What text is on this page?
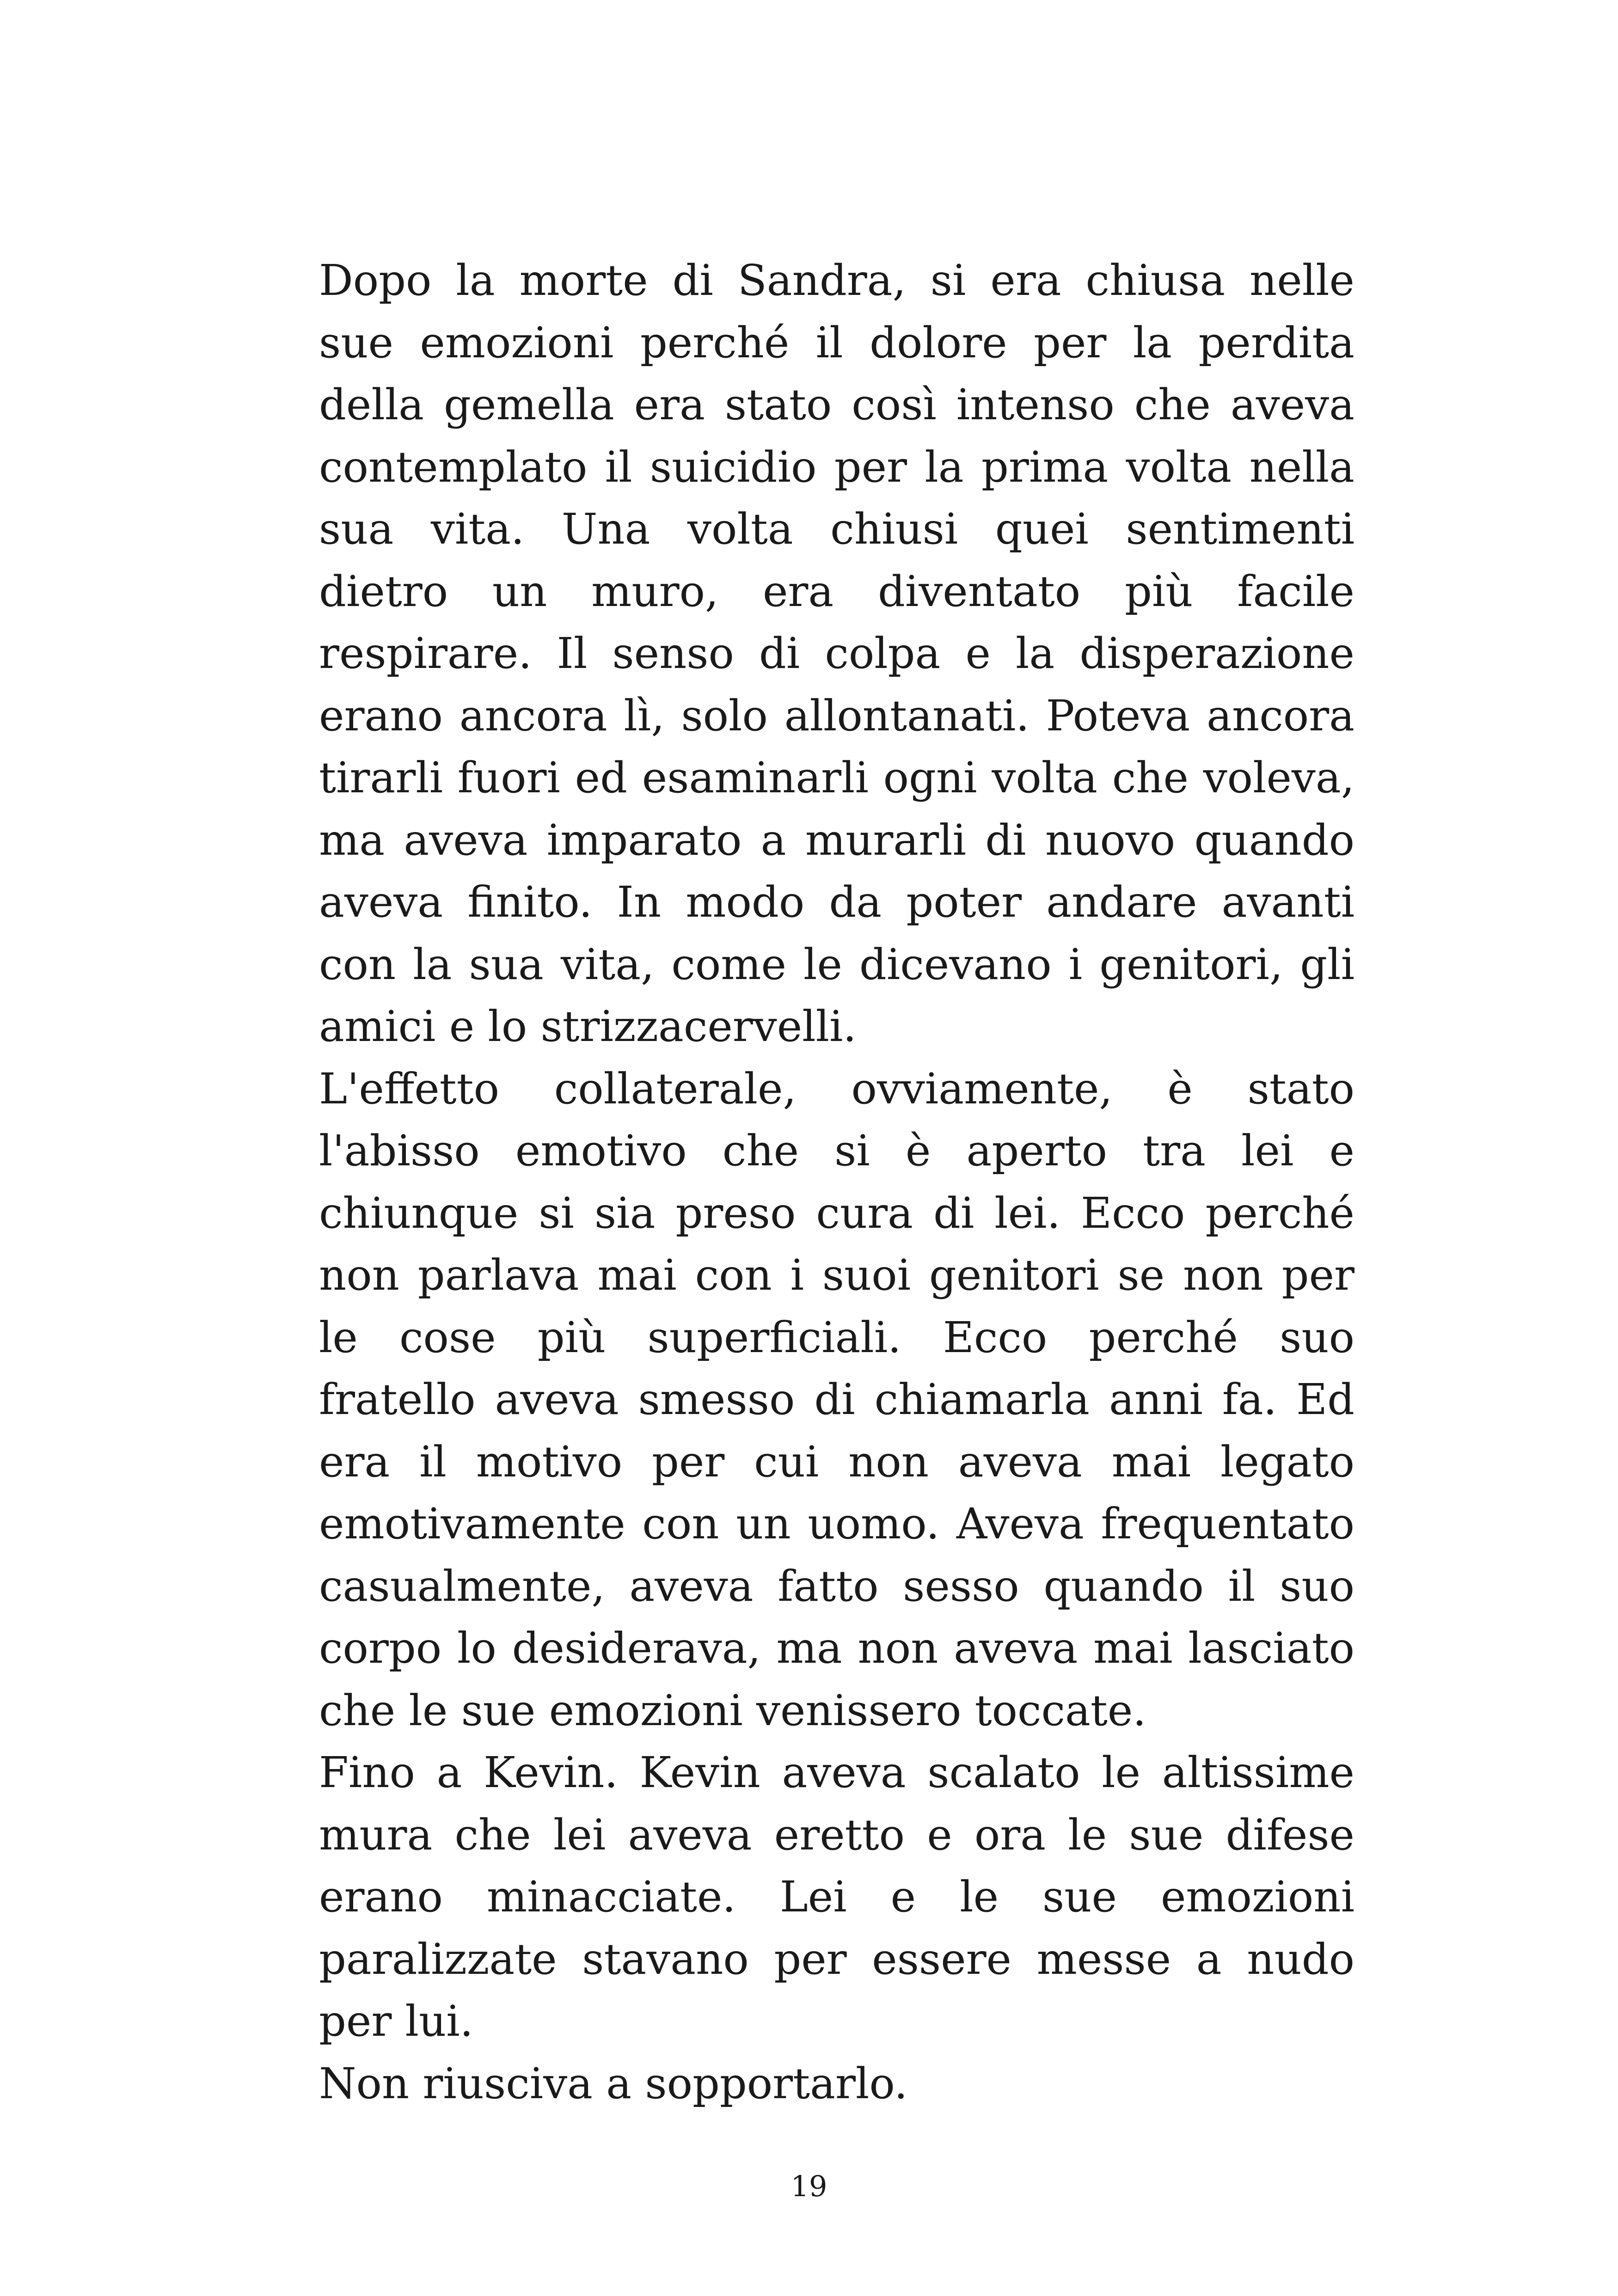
Dopo la morte di Sandra, si era chiusa nelle sue emozioni perché il dolore per la perdita della gemella era stato così intenso che aveva contemplato il suicidio per la prima volta nella sua vita. Una volta chiusi quei sentimenti dietro un muro, era diventato più facile respirare. Il senso di colpa e la disperazione erano ancora lì, solo allontanati. Poteva ancora tirarli fuori ed esaminarli ogni volta che voleva, ma aveva imparato a murarli di nuovo quando aveva finito. In modo da poter andare avanti con la sua vita, come le dicevano i genitori, gli amici e lo strizzacervelli.

L'effetto collaterale, ovviamente, è stato l'abisso emotivo che si è aperto tra lei e chiunque si sia preso cura di lei. Ecco perché non parlava mai con i suoi genitori se non per le cose più superficiali. Ecco perché suo fratello aveva smesso di chiamarla anni fa. Ed era il motivo per cui non aveva mai legato emotivamente con un uomo. Aveva frequentato casualmente, aveva fatto sesso quando il suo corpo lo desiderava, ma non aveva mai lasciato che le sue emozioni venissero toccate.

Fino a Kevin. Kevin aveva scalato le altissime mura che lei aveva eretto e ora le sue difese erano minacciate. Lei e le sue emozioni paralizzate stavano per essere messe a nudo per lui.

Non riusciva a sopportarlo.

19
